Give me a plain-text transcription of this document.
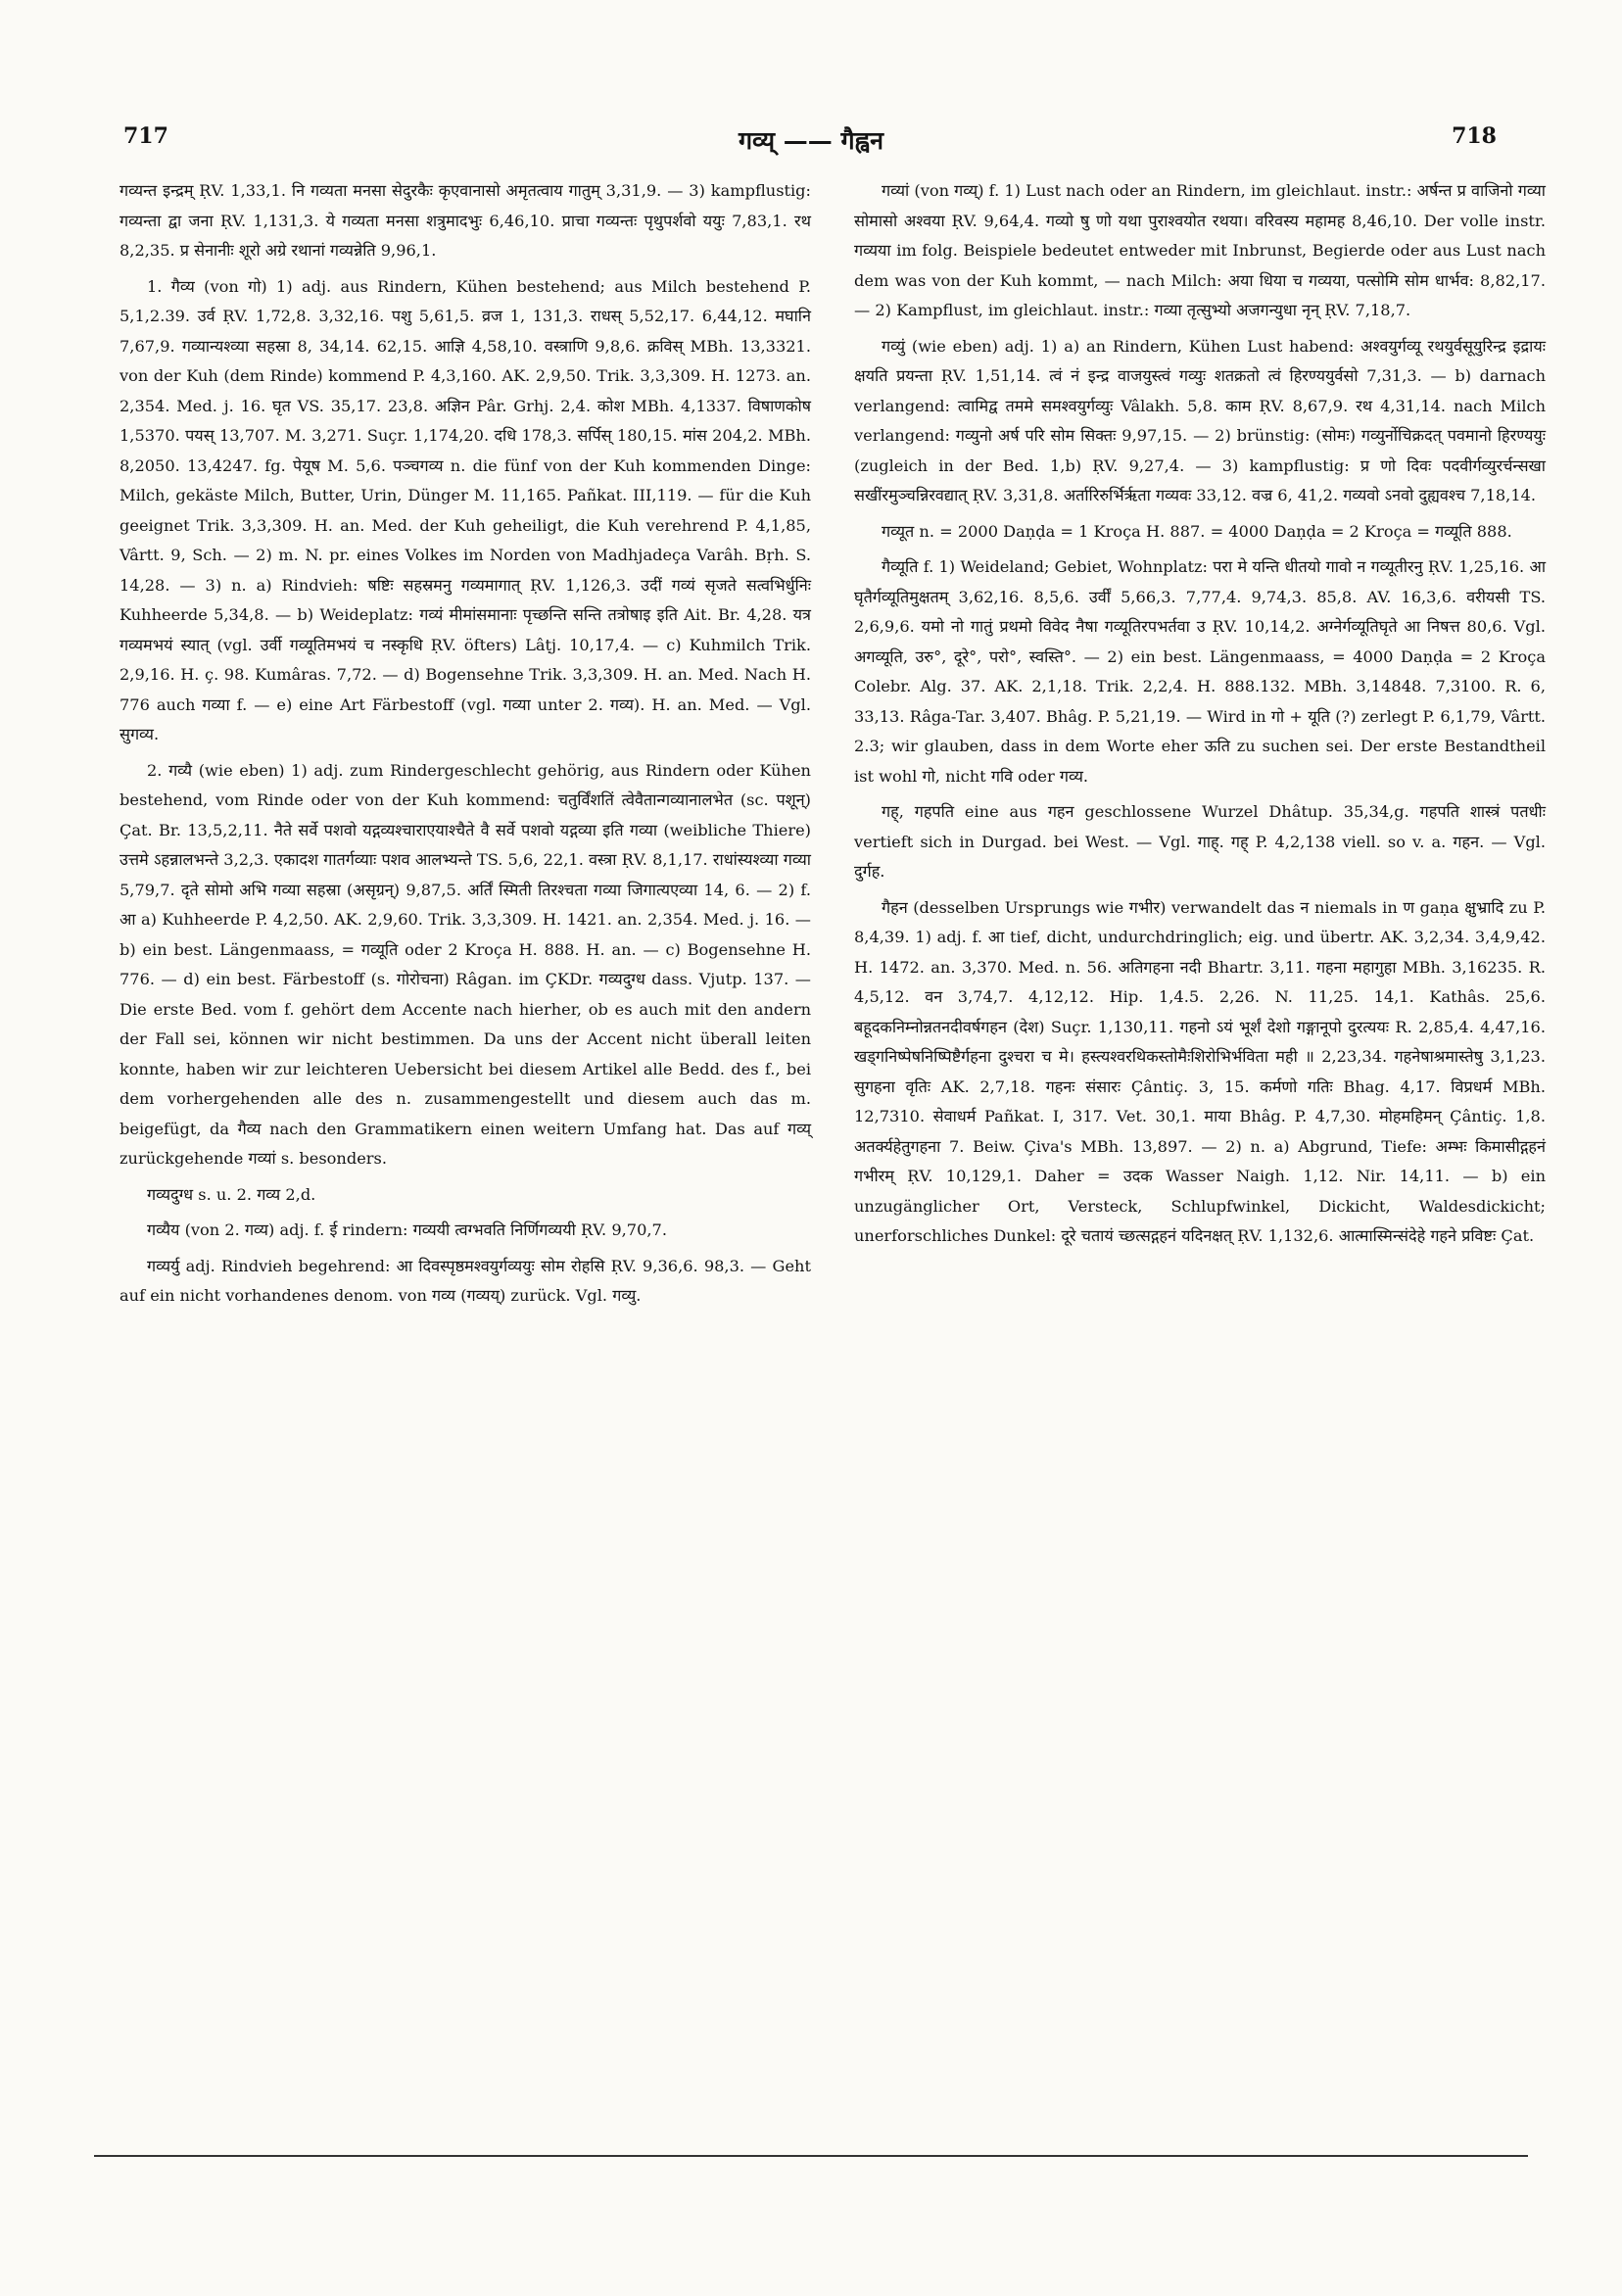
717	गव्य् —— गैह्वन	718

गव्यन्त इन्द्रम् ṚV. 1,33,1. नि गव्यता मनसा सेदुरकैः कृएवानासो अमृतत्वाय गातुम् 3,31,9. — 3) kampflustig: गव्यन्ता द्वा जना ṚV. 1,131,3. ये गव्यता मनसा शत्रुमादभुः 6,46,10. प्राचा गव्यन्तः पृथुपर्शवो ययुः 7,83,1. रथ 8,2,35. प्र सेनानीः शूरो अग्रे रथानां गव्यन्नेति 9,96,1.

1. गैव्य (von गो) 1) adj. aus Rindern, Kühen bestehend; aus Milch bestehend P. 5,1,2.39. उर्व ṚV. 1,72,8. 3,32,16. पशु 5,61,5. व्रज 1, 131,3. राधस् 5,52,17. 6,44,12. मघानि 7,67,9. गव्यान्यश्व्या सहस्रा 8, 34,14. 62,15. आज्ञि 4,58,10. वस्त्राणि 9,8,6. क्रविस् MBh. 13,3321. von der Kuh (dem Rinde) kommend P. 4,3,160. AK. 2,9,50. Trik. 3,3,309. H. 1273. an. 2,354. Med. j. 16. घृत VS. 35,17. 23,8. अज्ञिन Pâr. Grhj. 2,4. कोश MBh. 4,1337. विषाणकोष 1,5370. पयस् 13,707. M. 3,271. Suçr. 1,174,20. दधि 178,3. सर्पिस् 180,15. मांस 204,2. MBh. 8,2050. 13,4247. fg. पेयूष M. 5,6. पञ्चगव्य n. die fünf von der Kuh kommenden Dinge: Milch, gekäste Milch, Butter, Urin, Dünger M. 11,165. Pañkat. III,119. — für die Kuh geeignet Trik. 3,3,309. H. an. Med. der Kuh geheiligt, die Kuh verehrend P. 4,1,85, Vârtt. 9, Sch. — 2) m. N. pr. eines Volkes im Norden von Madhjadeça Varâh. Bṛh. S. 14,28. — 3) n. a) Rindvieh: षष्टिः सहस्रमनु गव्यमागात् ṚV. 1,126,3. उदीं गव्यं सृजते सत्वभिर्धुनिः Kuhheerde 5,34,8. — b) Weideplatz: गव्यं मीमांसमानाः पृच्छन्ति सन्ति तत्रोषाइ इति Ait. Br. 4,28. यत्र गव्यमभयं स्यात् (vgl. उर्वी गव्यूतिमभयं च नस्कृधि ṚV. öfters) Lâṭj. 10,17,4. — c) Kuhmilch Trik. 2,9,16. H. ç. 98. Kumâras. 7,72. — d) Bogensehne Trik. 3,3,309. H. an. Med. Nach H. 776 auch गव्या f. — e) eine Art Färbestoff (vgl. गव्या unter 2. गव्य). H. an. Med. — Vgl. सुगव्य.

2. गव्यै (wie eben) 1) adj. zum Rindergeschlecht gehörig, aus Rindern oder Kühen bestehend, vom Rinde oder von der Kuh kommend: चतुर्विंशतिं त्वेवैतान्गव्यानालभेत (sc. पशून्) Çat. Br. 13,5,2,11. नैते सर्वे पशवो यद्गव्यश्चाराएयाश्चैते वै सर्वे पशवो यद्गव्या इति गव्या (weibliche Thiere) उत्तमे ऽहन्नालभन्ते 3,2,3. एकादश गातर्गव्याः पशव आलभ्यन्ते TS. 5,6, 22,1. वस्त्रा ṚV. 8,1,17. राधांस्यश्व्या गव्या 5,79,7. दृते सोमो अभि गव्या सहस्रा (असृग्रन्) 9,87,5. अर्तिं स्मिती तिरश्चता गव्या जिगात्यएव्या 14, 6. — 2) f. आ a) Kuhheerde P. 4,2,50. AK. 2,9,60. Trik. 3,3,309. H. 1421. an. 2,354. Med. j. 16. — b) ein best. Längenmaass, = गव्यूति oder 2 Kroça H. 888. H. an. — c) Bogensehne H. 776. — d) ein best. Färbestoff (s. गोरोचना) Râgan. im ÇKDr. गव्यदुग्ध dass. Vjutp. 137. — Die erste Bed. vom f. gehört dem Accente nach hierher, ob es auch mit den andern der Fall sei, können wir nicht bestimmen. Da uns der Accent nicht überall leiten konnte, haben wir zur leichteren Uebersicht bei diesem Artikel alle Bedd. des f., bei dem vorhergehenden alle des n. zusammengestellt und diesem auch das m. beigefügt, da गैव्य nach den Grammatikern einen weitern Umfang hat. Das auf गव्य् zurückgehende गव्यां s. besonders.

गव्यदुग्ध s. u. 2. गव्य 2,d.

गव्यैय (von 2. गव्य) adj. f. ई rindern: गव्ययी त्वग्भवति निर्णिगव्ययी ṚV. 9,70,7.

गव्यर्यु adj. Rindvieh begehrend: आ दिवस्पृष्ठमश्वयुर्गव्ययुः सोम रोहसि ṚV. 9,36,6. 98,3. — Geht auf ein nicht vorhandenes denom. von गव्य (गव्यय्) zurück. Vgl. गव्यु.

गव्यां (von गव्य्) f. 1) Lust nach oder an Rindern, im gleichlaut. instr.: अर्षन्त प्र वाजिनो गव्या सोमासो अश्वया ṚV. 9,64,4. गव्यो षु णो यथा पुराश्वयोत रथया। वरिवस्य महामह 8,46,10. Der volle instr. गव्यया im folg. Beispiele bedeutet entweder mit Inbrunst, Begierde oder aus Lust nach dem was von der Kuh kommt, — nach Milch: अया धिया च गव्यया, पत्सोमि सोम धार्भव: 8,82,17. — 2) Kampflust, im gleichlaut. instr.: गव्या तृत्सुभ्यो अजगन्युधा नृन् ṚV. 7,18,7.

गव्युं (wie eben) adj. 1) a) an Rindern, Kühen Lust habend: अश्वयुर्गव्यू रथयुर्वसूयुरिन्द्र इद्रायः क्षयति प्रयन्ता ṚV. 1,51,14. त्वं नं इन्द्र वाजयुस्त्वं गव्युः शतक्रतो त्वं हिरण्ययुर्वसो 7,31,3. — b) darnach verlangend: त्वामिद्व तममे समश्वयुर्गव्युः Vâlakh. 5,8. काम ṚV. 8,67,9. रथ 4,31,14. nach Milch verlangend: गव्युनो अर्ष परि सोम सिक्तः 9,97,15. — 2) brünstig: (सोमः) गव्युर्नोचिक्रदत् पवमानो हिरण्ययुः (zugleich in der Bed. 1,b) ṚV. 9,27,4. — 3) kampflustig: प्र णो दिवः पदवीर्गव्युरर्चन्सखा सखींरमुञ्चन्निरवद्यात् ṚV. 3,31,8. अर्तारिरुर्भिर्ऋता गव्यवः 33,12. वज्र 6, 41,2. गव्यवो ऽनवो दुह्यवश्च 7,18,14.

गव्यूत n. = 2000 Daṇḍa = 1 Kroça H. 887. = 4000 Daṇḍa = 2 Kroça = गव्यूति 888.

गैव्यूति f. 1) Weideland; Gebiet, Wohnplatz: परा मे यन्ति धीतयो गावो न गव्यूतीरनु ṚV. 1,25,16. आ घृतैर्गव्यूतिमुक्षतम् 3,62,16. 8,5,6. उर्वीं 5,66,3. 7,77,4. 9,74,3. 85,8. AV. 16,3,6. वरीयसी TS. 2,6,9,6. यमो नो गातुं प्रथमो विवेद नैषा गव्यूतिरपभर्तवा उ ṚV. 10,14,2. अग्नेर्गव्यूतिघृते आ निषत्त 80,6. Vgl. अगव्यूति, उरु°, दूरे°, परो°, स्वस्ति°. — 2) ein best. Längenmaass, = 4000 Daṇḍa = 2 Kroça Colebr. Alg. 37. AK. 2,1,18. Trik. 2,2,4. H. 888.132. MBh. 3,14848. 7,3100. R. 6, 33,13. Râga-Tar. 3,407. Bhâg. P. 5,21,19. — Wird in गो + यूति (?) zerlegt P. 6,1,79, Vârtt. 2.3; wir glauben, dass in dem Worte eher ऊति zu suchen sei. Der erste Bestandtheil ist wohl गो, nicht गवि oder गव्य.

गह्, गहपति eine aus गहन geschlossene Wurzel Dhâtup. 35,34,g. गहपति शास्त्रं पतधीः vertieft sich in Durgad. bei West. — Vgl. गाह्. गह् P. 4,2,138 viell. so v. a. गहन. — Vgl. दुर्गह.

गैहन (desselben Ursprungs wie गभीर) verwandelt das न niemals in ण gaṇa क्षुभ्रादि zu P. 8,4,39. 1) adj. f. आ tief, dicht, undurchdringlich; eig. und übertr. AK. 3,2,34. 3,4,9,42. H. 1472. an. 3,370. Med. n. 56. अतिगहना नदी Bhartr. 3,11. गहना महागुहा MBh. 3,16235. R. 4,5,12. वन 3,74,7. 4,12,12. Hip. 1,4.5. 2,26. N. 11,25. 14,1. Kathâs. 25,6. बहूदकनिम्नोन्नतनदीवर्षगहन (देश) Suçr. 1,130,11. गहनो ऽयं भूर्शं देशो गङ्गानूपो दुरत्ययः R. 2,85,4. 4,47,16. खड्गनिष्पेषनिष्पिष्टैर्गहना दुश्चरा च मे। हस्त्यश्वरथिकस्तोमैःशिरोभिर्भविता मही ॥ 2,23,34. गहनेषाश्रमास्तेषु 3,1,23. सुगहना वृतिः AK. 2,7,18. गहनः संसारः Çântiç. 3, 15. कर्मणो गतिः Bhag. 4,17. विप्रधर्म MBh. 12,7310. सेवाधर्म Pañkat. I, 317. Vet. 30,1. माया Bhâg. P. 4,7,30. मोहमहिमन् Çântiç. 1,8. अतर्क्यहेतुगहना 7. Beiw. Çiva's MBh. 13,897. — 2) n. a) Abgrund, Tiefe: अम्भः किमासीद्गहनं गभीरम् ṚV. 10,129,1. Daher = उदक Wasser Naigh. 1,12. Nir. 14,11. — b) ein unzugänglicher Ort, Versteck, Schlupfwinkel, Dickicht, Waldesdickicht; unerforschliches Dunkel: दूरे चतायं च्छत्सद्गहनं यदिनक्षत् ṚV. 1,132,6. आत्मास्मिन्संदेहे गहने प्रविष्टः Çat.
